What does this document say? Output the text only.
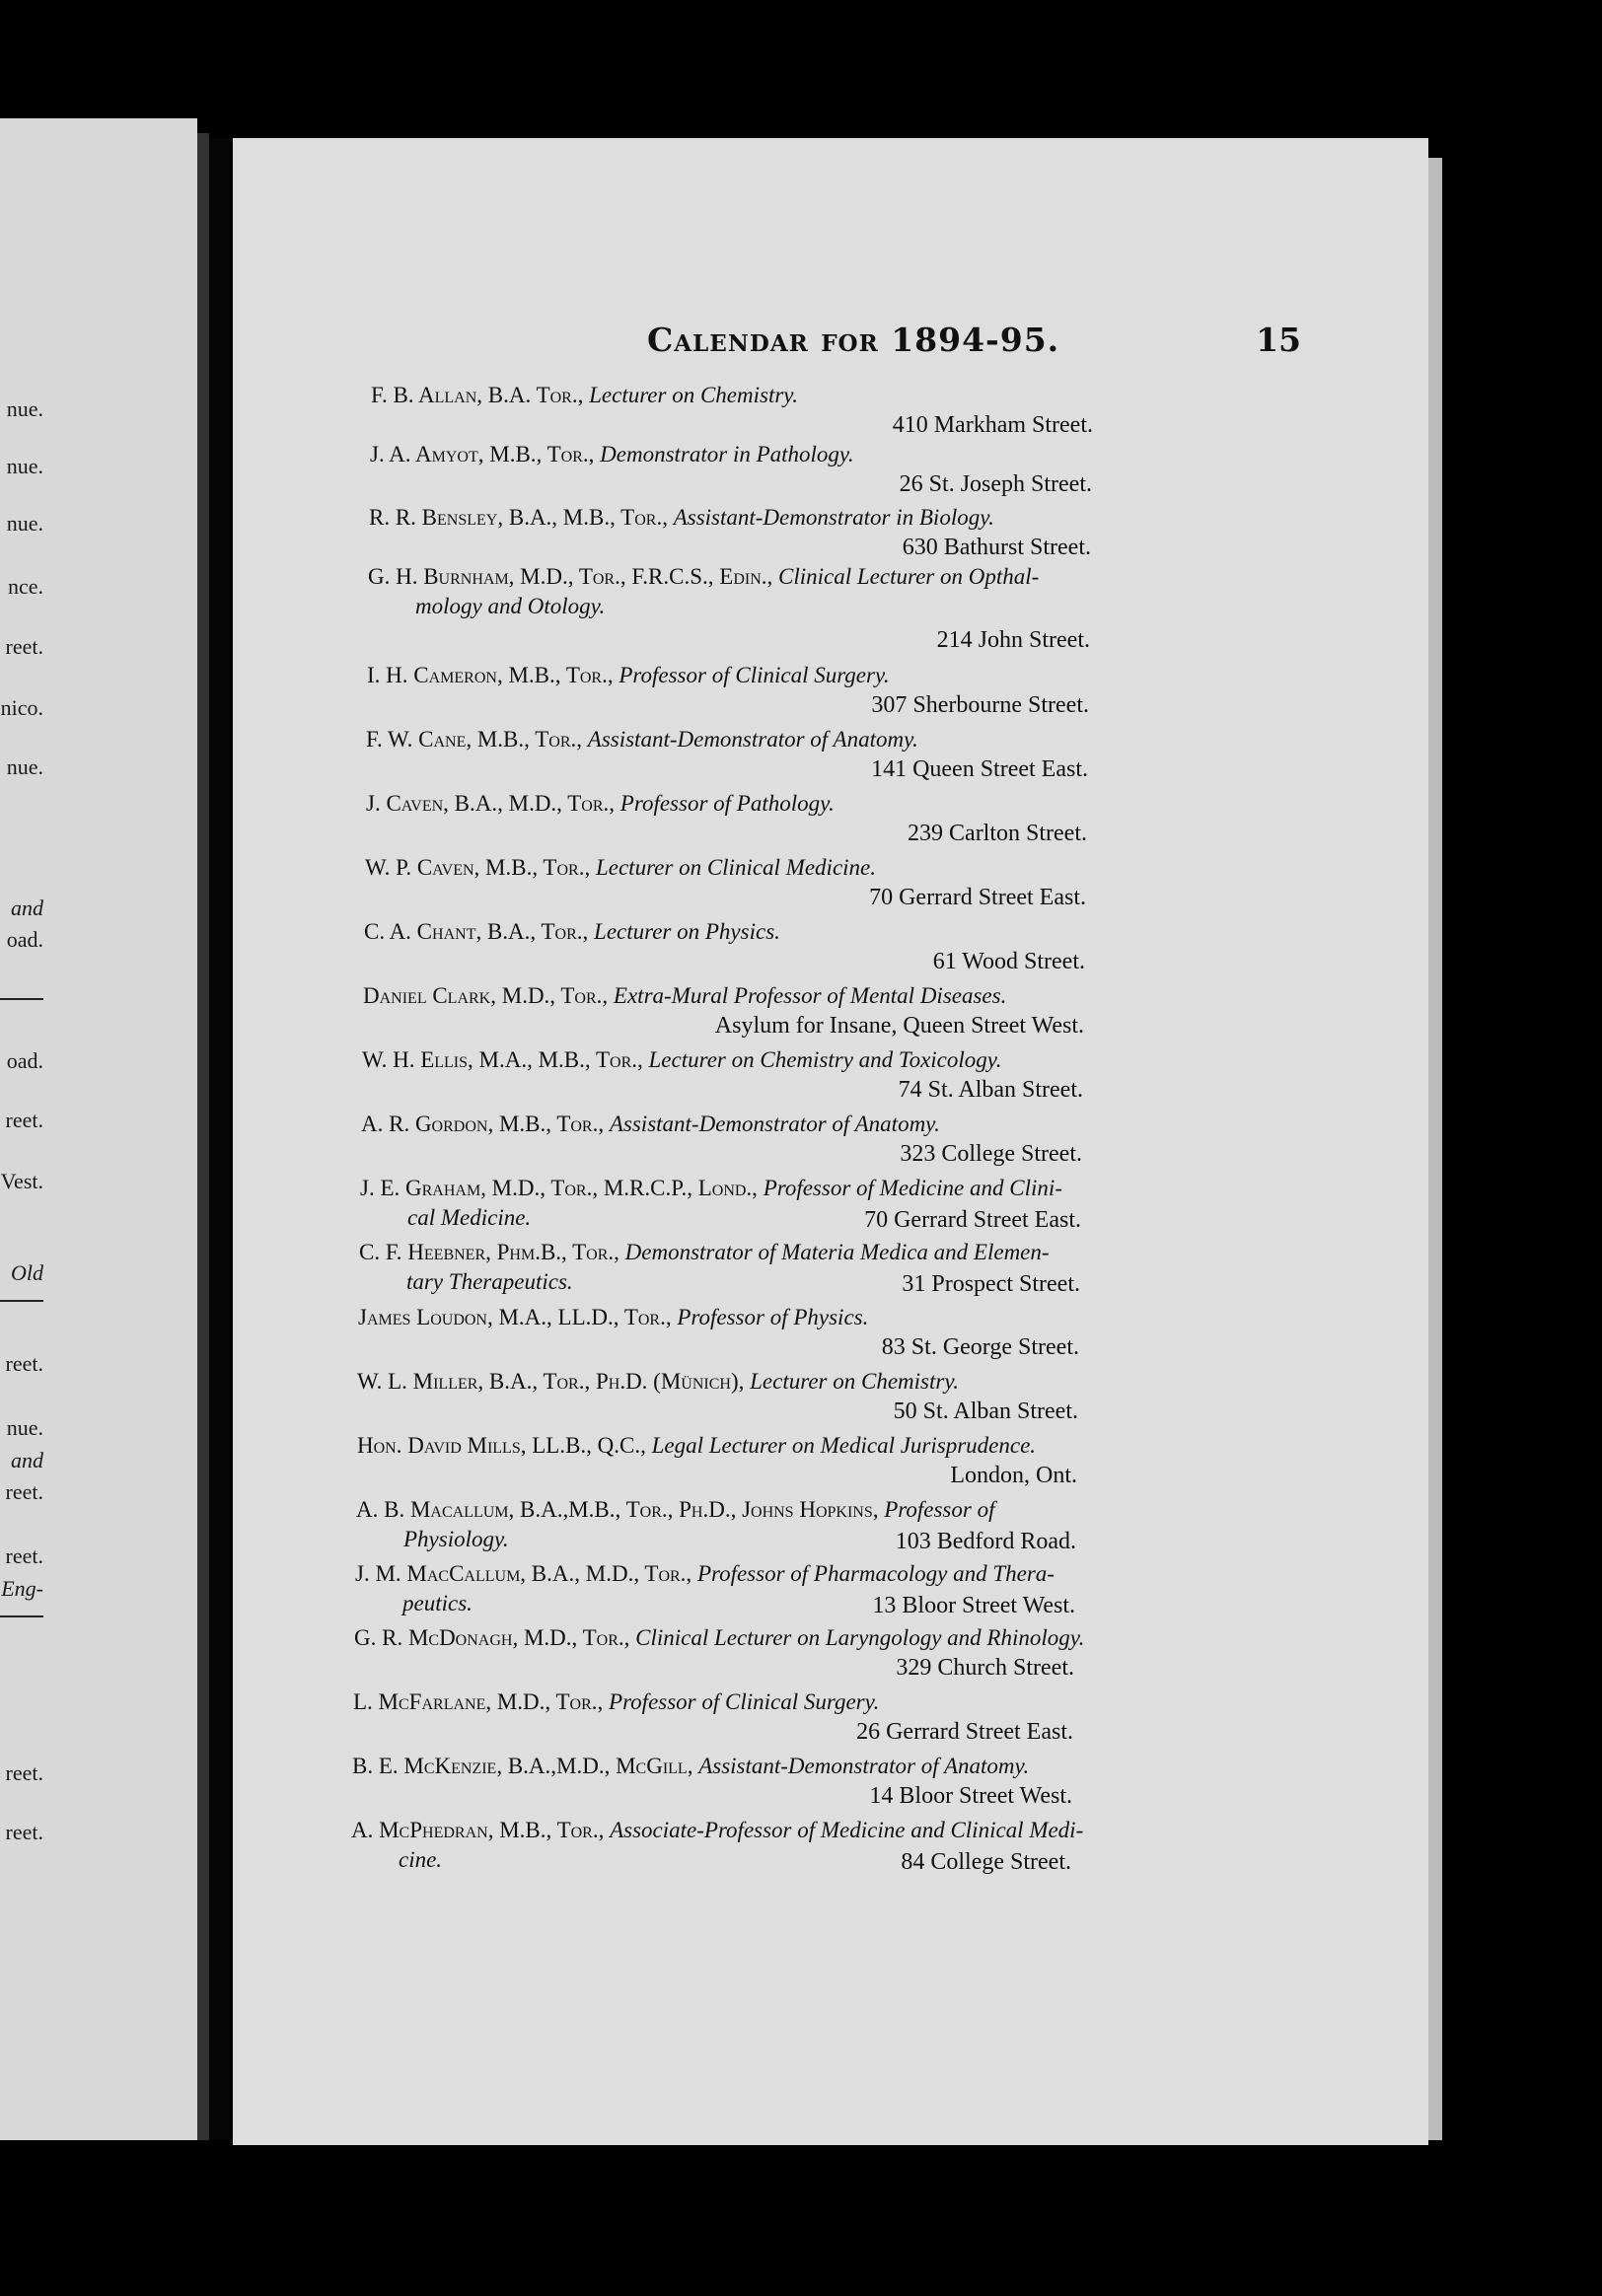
nue.
nue.
nue.
nce.
reet.
nico.
nue.
and
oad.
oad.
reet.
Vest.
Old
reet.
nue.
and
reet.
reet.
Eng-
reet.
reet.
Calendar for 1894-95.	15
F. B. Allan, B.A. Tor., Lecturer on Chemistry.
410 Markham Street.
J. A. Amyot, M.B., Tor., Demonstrator in Pathology.
26 St. Joseph Street.
R. R. Bensley, B.A., M.B., Tor., Assistant-Demonstrator in Biology.
630 Bathurst Street.
G. H. Burnham, M.D., Tor., F.R.C.S., Edin., Clinical Lecturer on Opthal-
mology and Otology.
214 John Street.
I. H. Cameron, M.B., Tor., Professor of Clinical Surgery.
307 Sherbourne Street.
F. W. Cane, M.B., Tor., Assistant-Demonstrator of Anatomy.
141 Queen Street East.
J. Caven, B.A., M.D., Tor., Professor of Pathology.
239 Carlton Street.
W. P. Caven, M.B., Tor., Lecturer on Clinical Medicine.
70 Gerrard Street East.
C. A. Chant, B.A., Tor., Lecturer on Physics.
61 Wood Street.
Daniel Clark, M.D., Tor., Extra-Mural Professor of Mental Diseases.
Asylum for Insane, Queen Street West.
W. H. Ellis, M.A., M.B., Tor., Lecturer on Chemistry and Toxicology.
74 St. Alban Street.
A. R. Gordon, M.B., Tor., Assistant-Demonstrator of Anatomy.
323 College Street.
J. E. Graham, M.D., Tor., M.R.C.P., Lond., Professor of Medicine and Clini-
cal Medicine.	70 Gerrard Street East.
C. F. Heebner, Phm.B., Tor., Demonstrator of Materia Medica and Elemen-
tary Therapeutics.	31 Prospect Street.
James Loudon, M.A., LL.D., Tor., Professor of Physics.
83 St. George Street.
W. L. Miller, B.A., Tor., Ph.D. (Münich), Lecturer on Chemistry.
50 St. Alban Street.
Hon. David Mills, LL.B., Q.C., Legal Lecturer on Medical Jurisprudence.
London, Ont.
A. B. Macallum, B.A.,M.B., Tor., Ph.D., Johns Hopkins, Professor of
Physiology.	103 Bedford Road.
J. M. MacCallum, B.A., M.D., Tor., Professor of Pharmacology and Thera-
peutics.	13 Bloor Street West.
G. R. McDonagh, M.D., Tor., Clinical Lecturer on Laryngology and Rhinology.
329 Church Street.
L. McFarlane, M.D., Tor., Professor of Clinical Surgery.
26 Gerrard Street East.
B. E. McKenzie, B.A.,M.D., McGill, Assistant-Demonstrator of Anatomy.
14 Bloor Street West.
A. McPhedran, M.B., Tor., Associate-Professor of Medicine and Clinical Medi-
cine.	84 College Street.
